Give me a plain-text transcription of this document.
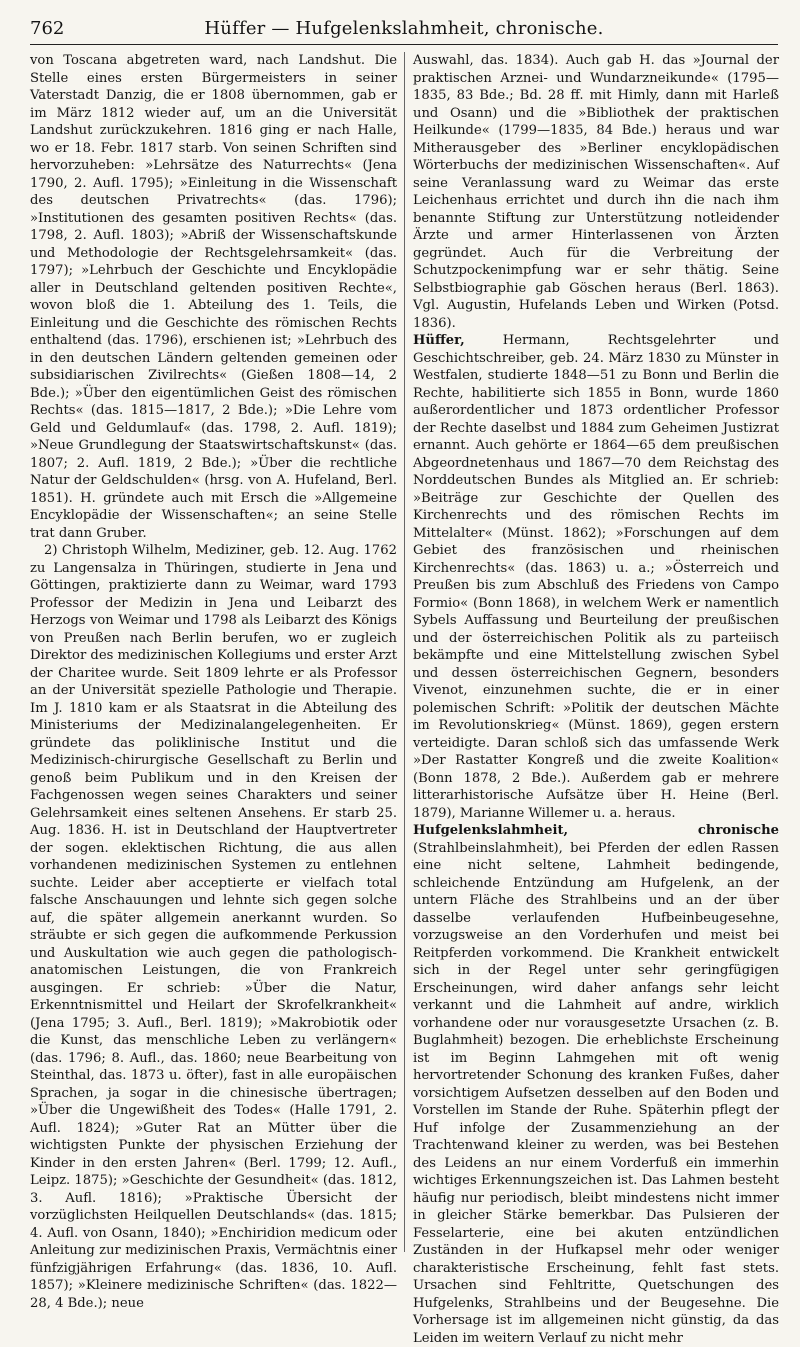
762	Hüffer — Hufgelenkslahmheit, chronische.

von Toscana abgetreten ward, nach Landshut. Die Stelle eines ersten Bürgermeisters in seiner Vaterstadt Danzig, die er 1808 übernommen, gab er im März 1812 wieder auf, um an die Universität Landshut zurückzukehren. 1816 ging er nach Halle, wo er 18. Febr. 1817 starb. Von seinen Schriften sind hervorzuheben: »Lehrsätze des Naturrechts« (Jena 1790, 2. Aufl. 1795); »Einleitung in die Wissenschaft des deutschen Privatrechts« (das. 1796); »Institutionen des gesamten positiven Rechts« (das. 1798, 2. Aufl. 1803); »Abriß der Wissenschaftskunde und Methodologie der Rechtsgelehrsamkeit« (das. 1797); »Lehrbuch der Geschichte und Encyklopädie aller in Deutschland geltenden positiven Rechte«, wovon bloß die 1. Abteilung des 1. Teils, die Einleitung und die Geschichte des römischen Rechts enthaltend (das. 1796), erschienen ist; »Lehrbuch des in den deutschen Ländern geltenden gemeinen oder subsidiarischen Zivilrechts« (Gießen 1808—14, 2 Bde.); »Über den eigentümlichen Geist des römischen Rechts« (das. 1815—1817, 2 Bde.); »Die Lehre vom Geld und Geldumlauf« (das. 1798, 2. Aufl. 1819); »Neue Grundlegung der Staatswirtschaftskunst« (das. 1807; 2. Aufl. 1819, 2 Bde.); »Über die rechtliche Natur der Geldschulden« (hrsg. von A. Hufeland, Berl. 1851). H. gründete auch mit Ersch die »Allgemeine Encyklopädie der Wissenschaften«; an seine Stelle trat dann Gruber.

2) Christoph Wilhelm, Mediziner, geb. 12. Aug. 1762 zu Langensalza in Thüringen, studierte in Jena und Göttingen, praktizierte dann zu Weimar, ward 1793 Professor der Medizin in Jena und Leibarzt des Herzogs von Weimar und 1798 als Leibarzt des Königs von Preußen nach Berlin berufen, wo er zugleich Direktor des medizinischen Kollegiums und erster Arzt der Charitee wurde. Seit 1809 lehrte er als Professor an der Universität spezielle Pathologie und Therapie. Im J. 1810 kam er als Staatsrat in die Abteilung des Ministeriums der Medizinalangelegenheiten. Er gründete das poliklinische Institut und die Medizinisch-chirurgische Gesellschaft zu Berlin und genoß beim Publikum und in den Kreisen der Fachgenossen wegen seines Charakters und seiner Gelehrsamkeit eines seltenen Ansehens. Er starb 25. Aug. 1836. H. ist in Deutschland der Hauptvertreter der sogen. eklektischen Richtung, die aus allen vorhandenen medizinischen Systemen zu entlehnen suchte. Leider aber acceptierte er vielfach total falsche Anschauungen und lehnte sich gegen solche auf, die später allgemein anerkannt wurden. So sträubte er sich gegen die aufkommende Perkussion und Auskultation wie auch gegen die pathologisch-anatomischen Leistungen, die von Frankreich ausgingen. Er schrieb: »Über die Natur, Erkenntnismittel und Heilart der Skrofelkrankheit« (Jena 1795; 3. Aufl., Berl. 1819); »Makrobiotik oder die Kunst, das menschliche Leben zu verlängern« (das. 1796; 8. Aufl., das. 1860; neue Bearbeitung von Steinthal, das. 1873 u. öfter), fast in alle europäischen Sprachen, ja sogar in die chinesische übertragen; »Über die Ungewißheit des Todes« (Halle 1791, 2. Aufl. 1824); »Guter Rat an Mütter über die wichtigsten Punkte der physischen Erziehung der Kinder in den ersten Jahren« (Berl. 1799; 12. Aufl., Leipz. 1875); »Geschichte der Gesundheit« (das. 1812, 3. Aufl. 1816); »Praktische Übersicht der vorzüglichsten Heilquellen Deutschlands« (das. 1815; 4. Aufl. von Osann, 1840); »Enchiridion medicum oder Anleitung zur medizinischen Praxis, Vermächtnis einer fünfzigjährigen Erfahrung« (das. 1836, 10. Aufl. 1857); »Kleinere medizinische Schriften« (das. 1822—28, 4 Bde.); neue

Auswahl, das. 1834). Auch gab H. das »Journal der praktischen Arznei- und Wundarzneikunde« (1795—1835, 83 Bde.; Bd. 28 ff. mit Himly, dann mit Harleß und Osann) und die »Bibliothek der praktischen Heilkunde« (1799—1835, 84 Bde.) heraus und war Mitherausgeber des »Berliner encyklopädischen Wörterbuchs der medizinischen Wissenschaften«. Auf seine Veranlassung ward zu Weimar das erste Leichenhaus errichtet und durch ihn die nach ihm benannte Stiftung zur Unterstützung notleidender Ärzte und armer Hinterlassenen von Ärzten gegründet. Auch für die Verbreitung der Schutzpockenimpfung war er sehr thätig. Seine Selbstbiographie gab Göschen heraus (Berl. 1863). Vgl. Augustin, Hufelands Leben und Wirken (Potsd. 1836).

Hüffer, Hermann, Rechtsgelehrter und Geschichtschreiber, geb. 24. März 1830 zu Münster in Westfalen, studierte 1848—51 zu Bonn und Berlin die Rechte, habilitierte sich 1855 in Bonn, wurde 1860 außerordentlicher und 1873 ordentlicher Professor der Rechte daselbst und 1884 zum Geheimen Justizrat ernannt. Auch gehörte er 1864—65 dem preußischen Abgeordnetenhaus und 1867—70 dem Reichstag des Norddeutschen Bundes als Mitglied an. Er schrieb: »Beiträge zur Geschichte der Quellen des Kirchenrechts und des römischen Rechts im Mittelalter« (Münst. 1862); »Forschungen auf dem Gebiet des französischen und rheinischen Kirchenrechts« (das. 1863) u. a.; »Österreich und Preußen bis zum Abschluß des Friedens von Campo Formio« (Bonn 1868), in welchem Werk er namentlich Sybels Auffassung und Beurteilung der preußischen und der österreichischen Politik als zu parteiisch bekämpfte und eine Mittelstellung zwischen Sybel und dessen österreichischen Gegnern, besonders Vivenot, einzunehmen suchte, die er in einer polemischen Schrift: »Politik der deutschen Mächte im Revolutionskrieg« (Münst. 1869), gegen erstern verteidigte. Daran schloß sich das umfassende Werk »Der Rastatter Kongreß und die zweite Koalition« (Bonn 1878, 2 Bde.). Außerdem gab er mehrere litterarhistorische Aufsätze über H. Heine (Berl. 1879), Marianne Willemer u. a. heraus.

Hufgelenkslahmheit, chronische (Strahlbeinslahmheit), bei Pferden der edlen Rassen eine nicht seltene, Lahmheit bedingende, schleichende Entzündung am Hufgelenk, an der untern Fläche des Strahlbeins und an der über dasselbe verlaufenden Hufbeinbeugesehne, vorzugsweise an den Vorderhufen und meist bei Reitpferden vorkommend. Die Krankheit entwickelt sich in der Regel unter sehr geringfügigen Erscheinungen, wird daher anfangs sehr leicht verkannt und die Lahmheit auf andre, wirklich vorhandene oder nur vorausgesetzte Ursachen (z. B. Buglahmheit) bezogen. Die erheblichste Erscheinung ist im Beginn Lahmgehen mit oft wenig hervortretender Schonung des kranken Fußes, daher vorsichtigem Aufsetzen desselben auf den Boden und Vorstellen im Stande der Ruhe. Späterhin pflegt der Huf infolge der Zusammenziehung an der Trachtenwand kleiner zu werden, was bei Bestehen des Leidens an nur einem Vorderfuß ein immerhin wichtiges Erkennungszeichen ist. Das Lahmen besteht häufig nur periodisch, bleibt mindestens nicht immer in gleicher Stärke bemerkbar. Das Pulsieren der Fesselarterie, eine bei akuten entzündlichen Zuständen in der Hufkapsel mehr oder weniger charakteristische Erscheinung, fehlt fast stets. Ursachen sind Fehltritte, Quetschungen des Hufgelenks, Strahlbeins und der Beugesehne. Die Vorhersage ist im allgemeinen nicht günstig, da das Leiden im weitern Verlauf zu nicht mehr
